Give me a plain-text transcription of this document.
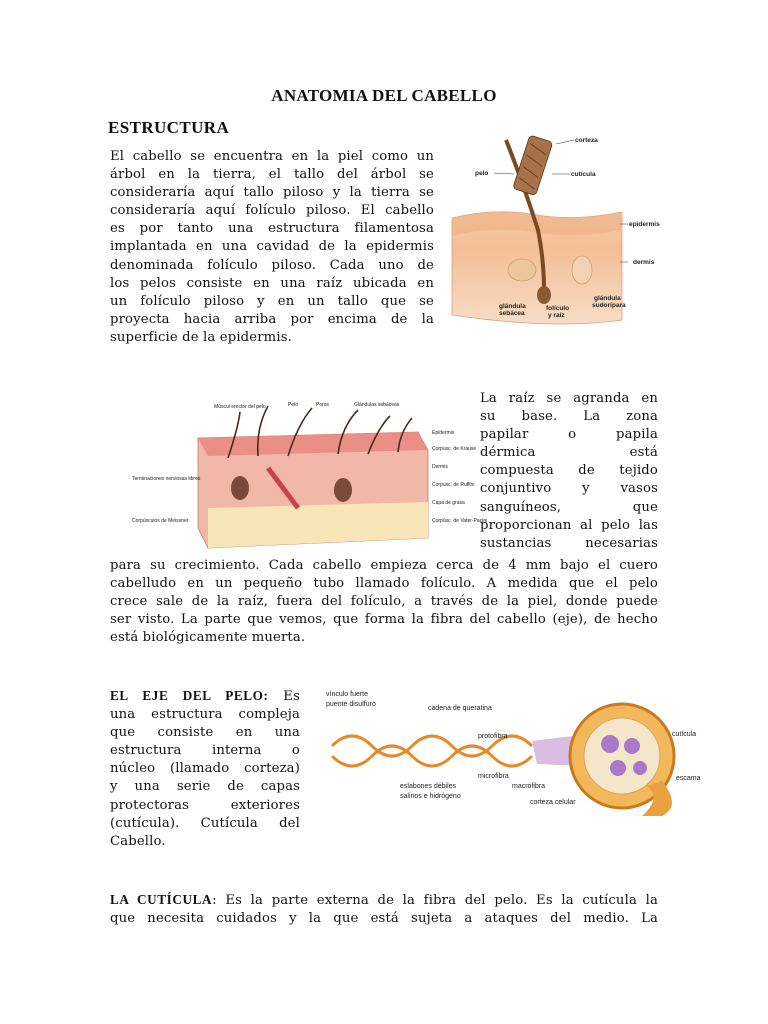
ANATOMIA DEL CABELLO
ESTRUCTURA
El cabello se encuentra en la piel como un
árbol en la tierra, el tallo del árbol se
consideraría aquí tallo piloso y la tierra se
consideraría aquí folículo piloso. El cabello
es por tanto una estructura filamentosa
implantada en una cavidad de la epidermis
denominada folículo piloso. Cada uno de
los pelos consiste en una raíz ubicada en
un folículo piloso y en un tallo que se
proyecta hacia arriba por encima de la
superficie de la epidermis.
corteza
pelo	cutícula
epidermis
dermis
glándula sebácea
folículo y raíz
glándula sudorípara
Múscul erector del pelo	Pelo	Poros	Glándulas sebáceas
Epidermis
Corpusc. de Krause
Dermis
Corpusc. de Ruffini
Capa de grasa
Corpúsc. de Vater-Pacini
Terminaciones nerviosas libres
Corpúsculos de Meissner
La raíz se agranda en
su base. La zona
papilar o papila
dérmica está
compuesta de tejido
conjuntivo y vasos
sanguíneos, que
proporcionan al pelo las
sustancias necesarias
para su crecimiento. Cada cabello empieza cerca de 4 mm bajo el cuero
cabelludo en un pequeño tubo llamado folículo. A medida que el pelo
crece sale de la raíz, fuera del folículo, a través de la piel, donde puede
ser visto. La parte que vemos, que forma la fibra del cabello (eje), de hecho
está biológicamente muerta.
EL EJE DEL PELO: Es
una estructura compleja
que consiste en una
estructura interna o
núcleo (llamado corteza)
y una serie de capas
protectoras exteriores
(cutícula). Cutícula del
Cabello.
vínculo fuerte
puente disulfuro
cadena de queratina
protofibra
microfibra
eslabones débiles
salinos e hidrógeno
macrofibra
corteza celular
cutícula
escama
LA CUTÍCULA: Es la parte externa de la fibra del pelo. Es la cutícula la
que necesita cuidados y la que está sujeta a ataques del medio. La
